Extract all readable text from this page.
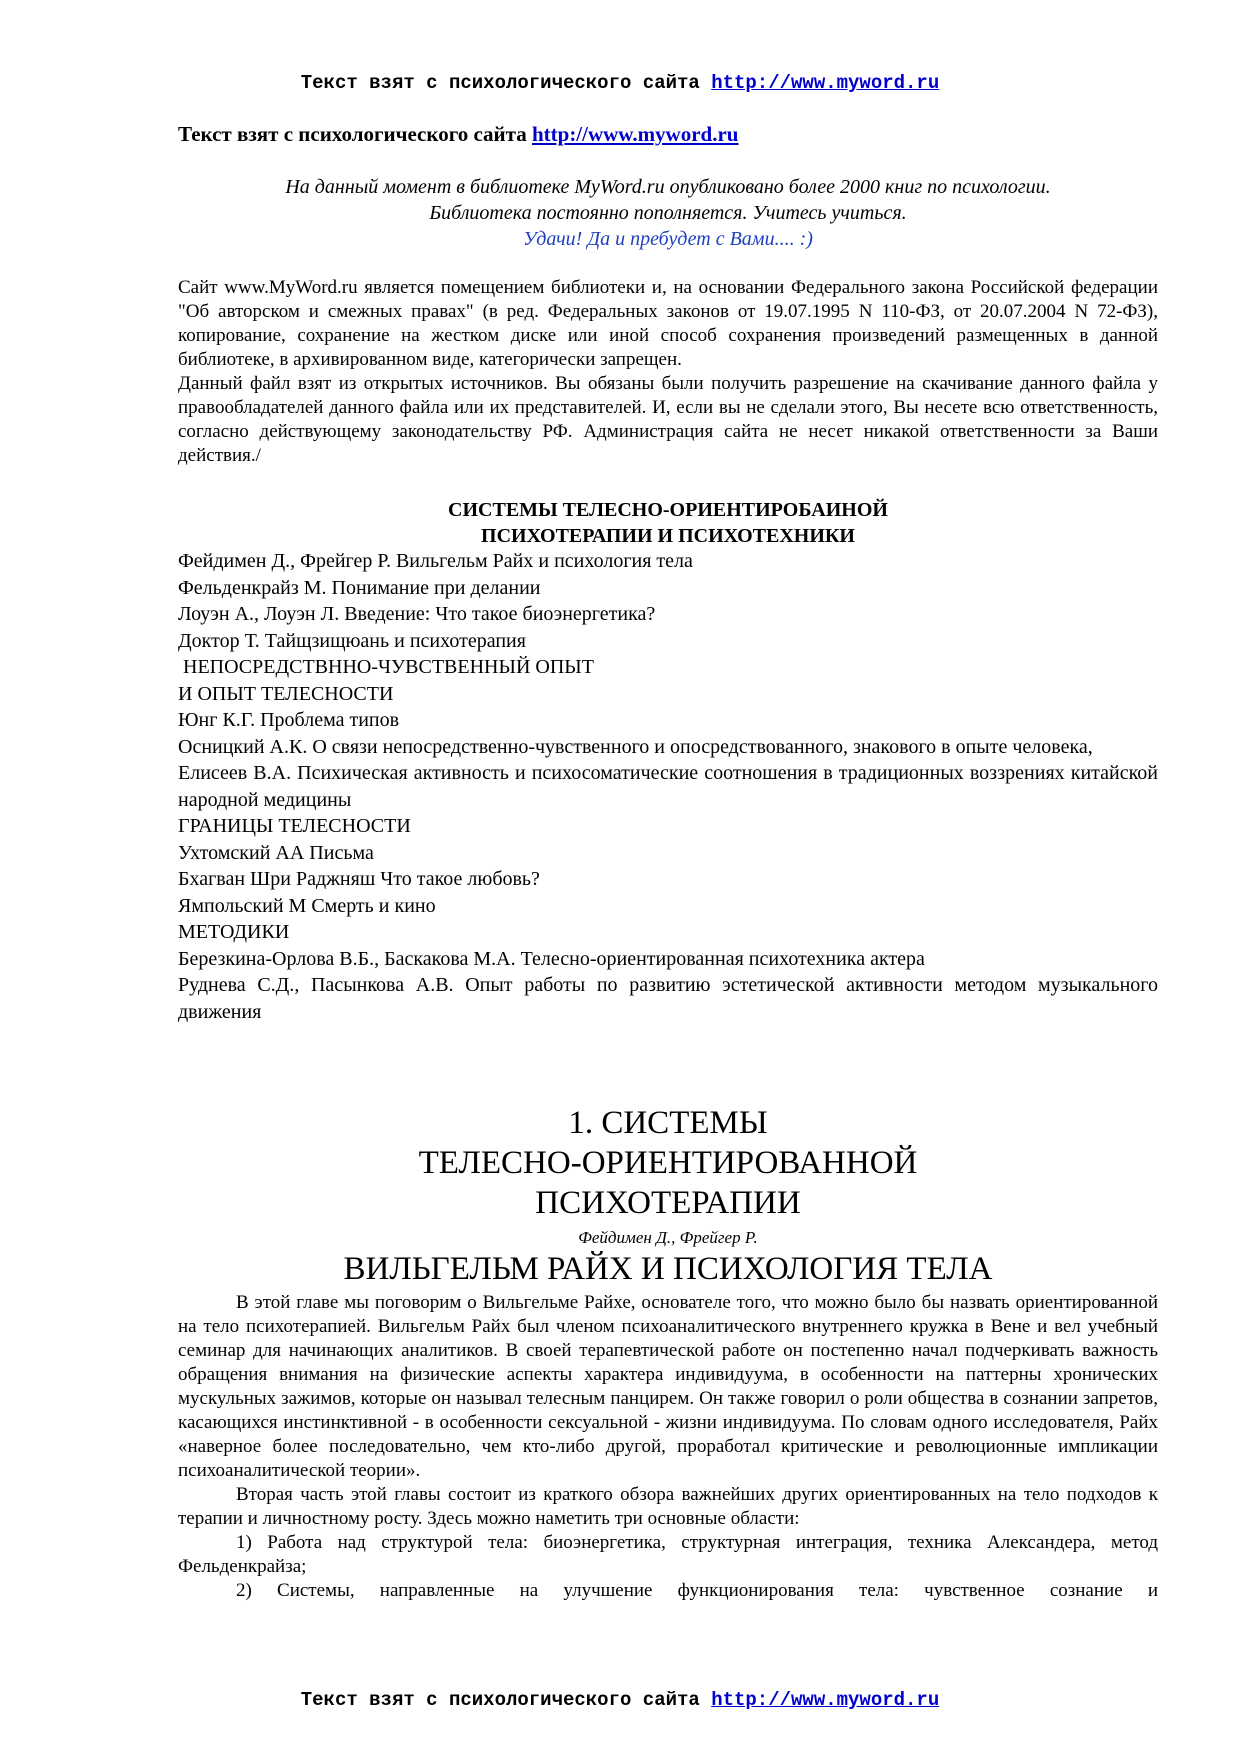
Текст взят с психологического сайта http://www.myword.ru
Текст взят с психологического сайта http://www.myword.ru
На данный момент в библиотеке MyWord.ru опубликовано более 2000 книг по психологии.
Библиотека постоянно пополняется. Учитесь учиться.
Удачи! Да и пребудет с Вами.... :)

Сайт www.MyWord.ru является помещением библиотеки и, на основании Федерального закона Российской федерации "Об авторском и смежных правах" (в ред. Федеральных законов от 19.07.1995 N 110-ФЗ, от 20.07.2004 N 72-ФЗ), копирование, сохранение на жестком диске или иной способ сохранения произведений размещенных в данной библиотеке, в архивированном виде, категорически запрещен.

Данный файл взят из открытых источников. Вы обязаны были получить разрешение на скачивание данного файла у правообладателей данного файла или их представителей. И, если вы не сделали этого, Вы несете всю ответственность, согласно действующему законодательству РФ. Администрация сайта не несет никакой ответственности за Ваши действия./

СИСТЕМЫ ТЕЛЕСНО-ОРИЕНТИРОБАИНОЙ
ПСИХОТЕРАПИИ И ПСИХОТЕХНИКИ
Фейдимен Д., Фрейгер Р. Вильгельм Райх и психология тела
Фельденкрайз М. Понимание при делании
Лоуэн А., Лоуэн Л. Введение: Что такое биоэнергетика?
Доктор Т. Тайщзищюань и психотерапия
НЕПОСРЕДСТВННО-ЧУВСТВЕННЫЙ ОПЫТ
И ОПЫТ ТЕЛЕСНОСТИ
Юнг К.Г. Проблема типов
Осницкий А.К. О связи непосредственно-чувственного и опосредствованного, знакового в опыте человека,
Елисеев В.А. Психическая активность и психосоматические соотношения в традиционных воззрениях китайской народной медицины
ГРАНИЦЫ ТЕЛЕСНОСТИ
Ухтомский АА Письма
Бхагван Шри Раджняш Что такое любовь?
Ямпольский М Смерть и кино
МЕТОДИКИ
Березкина-Орлова В.Б., Баскакова М.А. Телесно-ориентированная психотехника актера
Руднева С.Д., Пасынкова А.В. Опыт работы по развитию эстетической активности методом музыкального движения
1. СИСТЕМЫ
ТЕЛЕСНО-ОРИЕНТИРОВАННОЙ
ПСИХОТЕРАПИИ
Фейдимен Д., Фрейгер Р.
ВИЛЬГЕЛЬМ РАЙХ И ПСИХОЛОГИЯ ТЕЛА

В этой главе мы поговорим о Вильгельме Райхе, основателе того, что можно было бы назвать ориентированной на тело психотерапией. Вильгельм Райх был членом психоаналитического внутреннего кружка в Вене и вел учебный семинар для начинающих аналитиков. В своей терапевтической работе он постепенно начал подчеркивать важность обращения внимания на физические аспекты характера индивидуума, в особенности на паттерны хронических мускульных зажимов, которые он называл телесным панцирем. Он также говорил о роли общества в сознании запретов, касающихся инстинктивной - в особенности сексуальной - жизни индивидуума. По словам одного исследователя, Райх «наверное более последовательно, чем кто-либо другой, проработал критические и революционные импликации психоаналитической теории».

Вторая часть этой главы состоит из краткого обзора важнейших других ориентированных на тело подходов к терапии и личностному росту. Здесь можно наметить три основные области:

1) Работа над структурой тела: биоэнергетика, структурная интеграция, техника Александера, метод Фельденкрайза;

2) Системы, направленные на улучшение функционирования тела: чувственное сознание и

Текст взят с психологического сайта http://www.myword.ru
